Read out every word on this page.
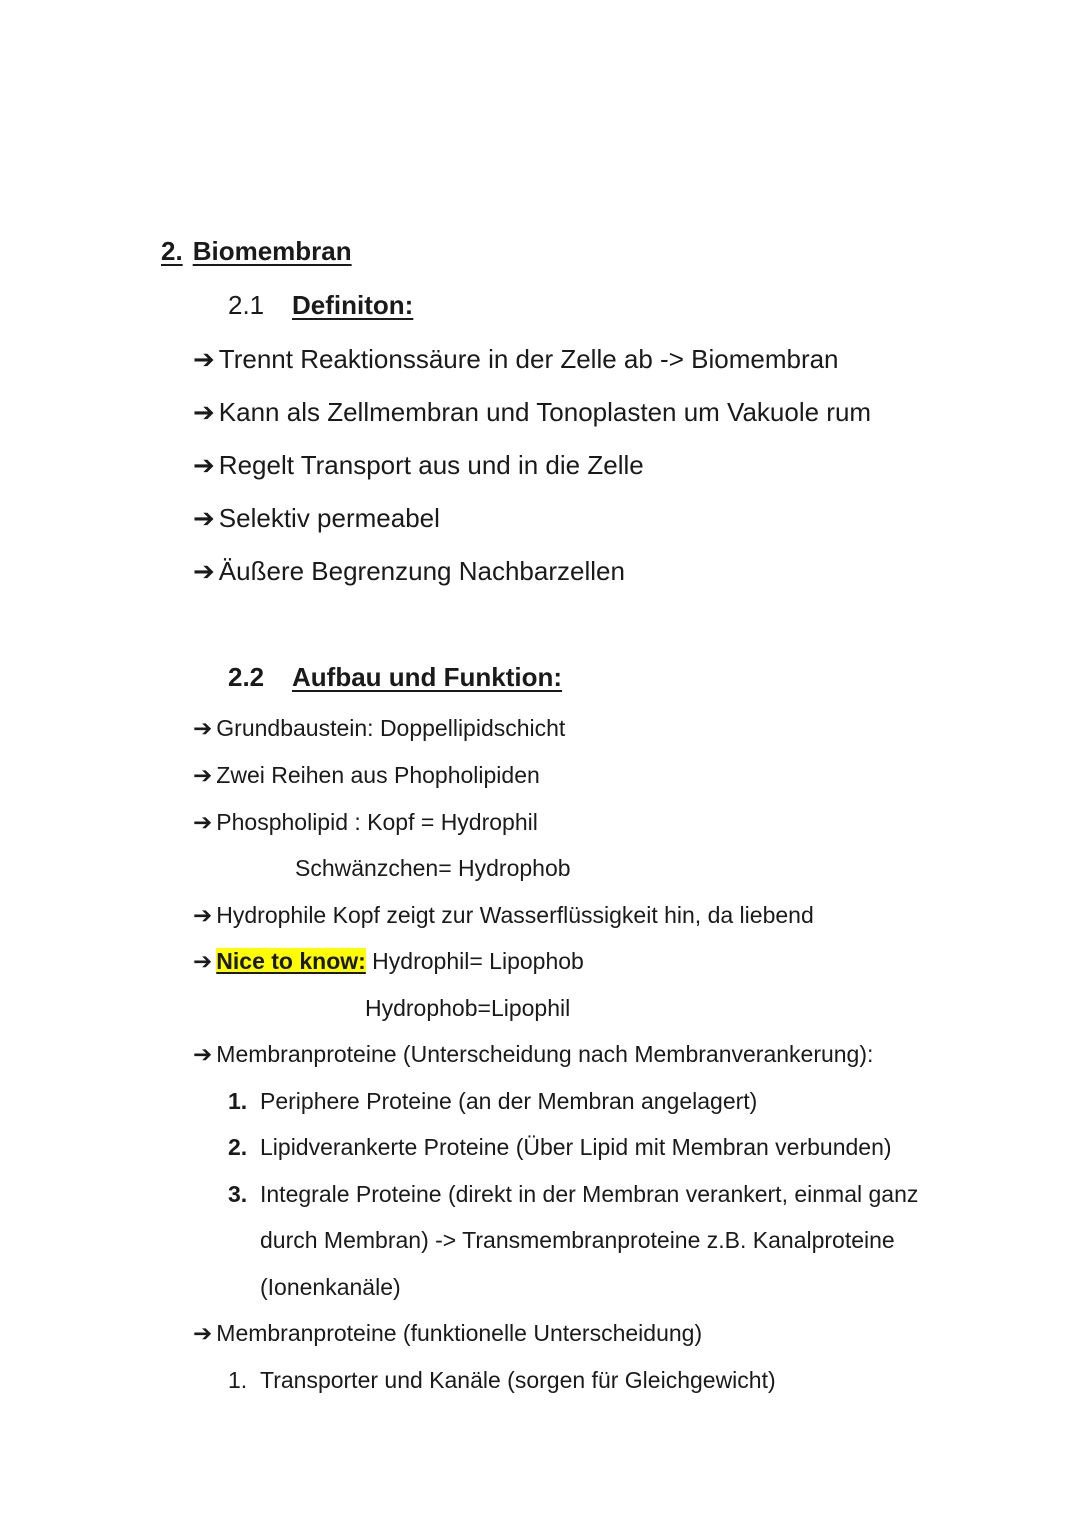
2. Biomembran
2.1 Definiton:
➔ Trennt Reaktionssäure in der Zelle ab -> Biomembran
➔ Kann als Zellmembran und Tonoplasten um Vakuole rum
➔ Regelt Transport aus und in die Zelle
➔ Selektiv permeabel
➔ Äußere Begrenzung Nachbarzellen
2.2 Aufbau und Funktion:
➔ Grundbaustein: Doppellipidschicht
➔ Zwei Reihen aus Phopholipiden
➔ Phospholipid : Kopf = Hydrophil
Schwänzchen= Hydrophob
➔ Hydrophile Kopf zeigt zur Wasserflüssigkeit hin, da liebend
➔ Nice to know: Hydrophil= Lipophob
Hydrophob=Lipophil
➔ Membranproteine (Unterscheidung nach Membranverankerung):
1. Periphere Proteine (an der Membran angelagert)
2. Lipidverankerte Proteine (Über Lipid mit Membran verbunden)
3. Integrale Proteine (direkt in der Membran verankert, einmal ganz
durch Membran) -> Transmembranproteine z.B. Kanalproteine
(Ionenkanäle)
➔ Membranproteine (funktionelle Unterscheidung)
1. Transporter und Kanäle (sorgen für Gleichgewicht)
